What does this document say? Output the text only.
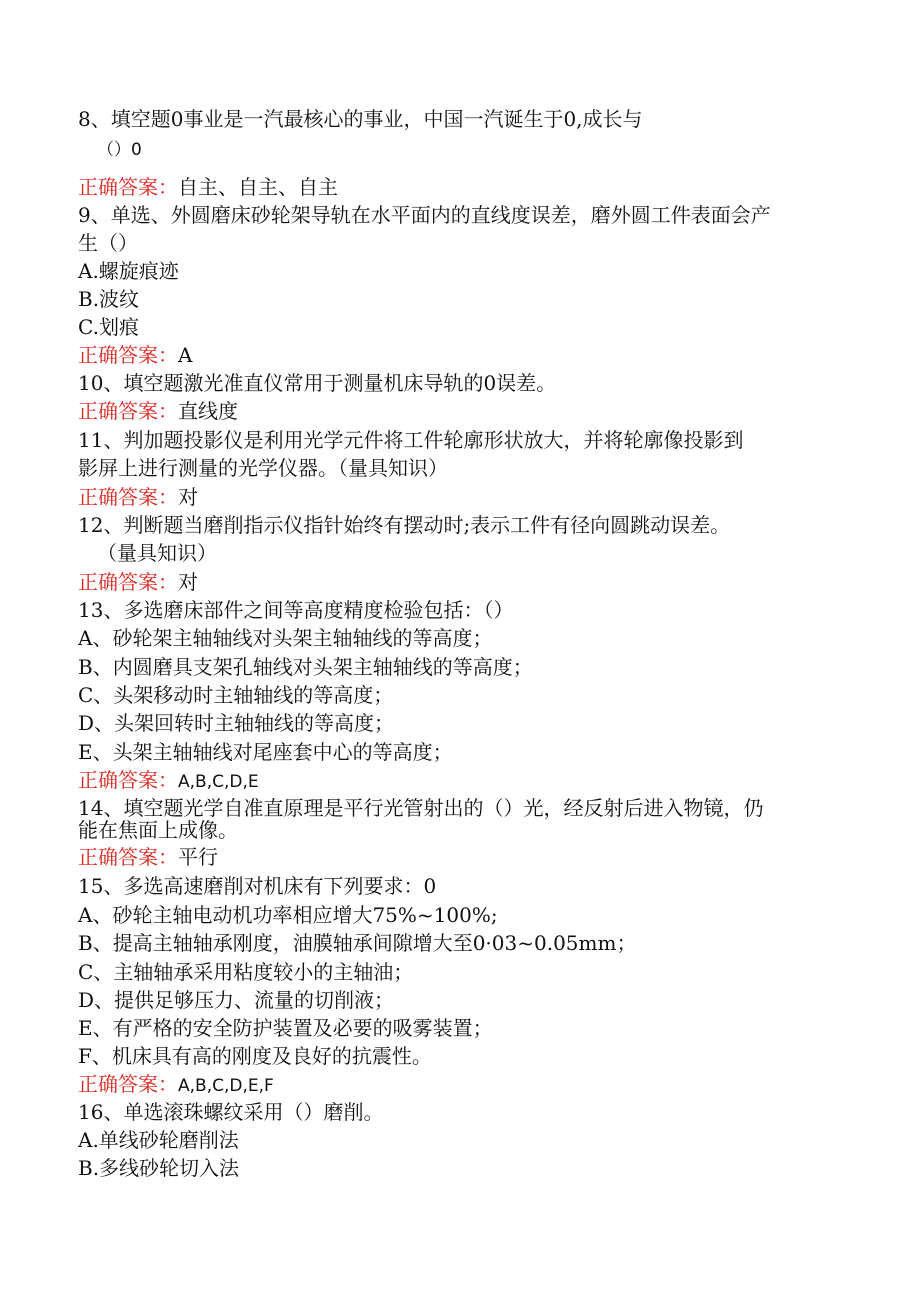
8、填空题0事业是一汽最核心的事业，中国一汽诞生于0,成长与
（）0
正确答案：自主、自主、自主
9、单选、外圆磨床砂轮架导轨在水平面内的直线度误差，磨外圆工件表面会产
生（）
A.螺旋痕迹
B.波纹
C.划痕
正确答案：A
10、填空题激光准直仪常用于测量机床导轨的0误差。
正确答案：直线度
11、判加题投影仪是利用光学元件将工件轮廓形状放大，并将轮廓像投影到
影屏上进行测量的光学仪器。（量具知识）
正确答案：对
12、判断题当磨削指示仪指针始终有摆动时;表示工件有径向圆跳动误差。
（量具知识）
正确答案：对
13、多选磨床部件之间等高度精度检验包括：（）
A、砂轮架主轴轴线对头架主轴轴线的等高度；
B、内圆磨具支架孔轴线对头架主轴轴线的等高度；
C、头架移动时主轴轴线的等高度；
D、头架回转时主轴轴线的等高度；
E、头架主轴轴线对尾座套中心的等高度；
正确答案：A,B,C,D,E
14、填空题光学自准直原理是平行光管射出的（）光，经反射后进入物镜，仍
能在焦面上成像。
正确答案：平行
15、多选高速磨削对机床有下列要求：0
A、砂轮主轴电动机功率相应增大75%~100%;
B、提高主轴轴承刚度，油膜轴承间隙增大至0·03~0.05mm；
C、主轴轴承采用粘度较小的主轴油；
D、提供足够压力、流量的切削液；
E、有严格的安全防护装置及必要的吸雾装置；
F、机床具有高的刚度及良好的抗震性。
正确答案：A,B,C,D,E,F
16、单选滚珠螺纹采用（）磨削。
A.单线砂轮磨削法
B.多线砂轮切入法
